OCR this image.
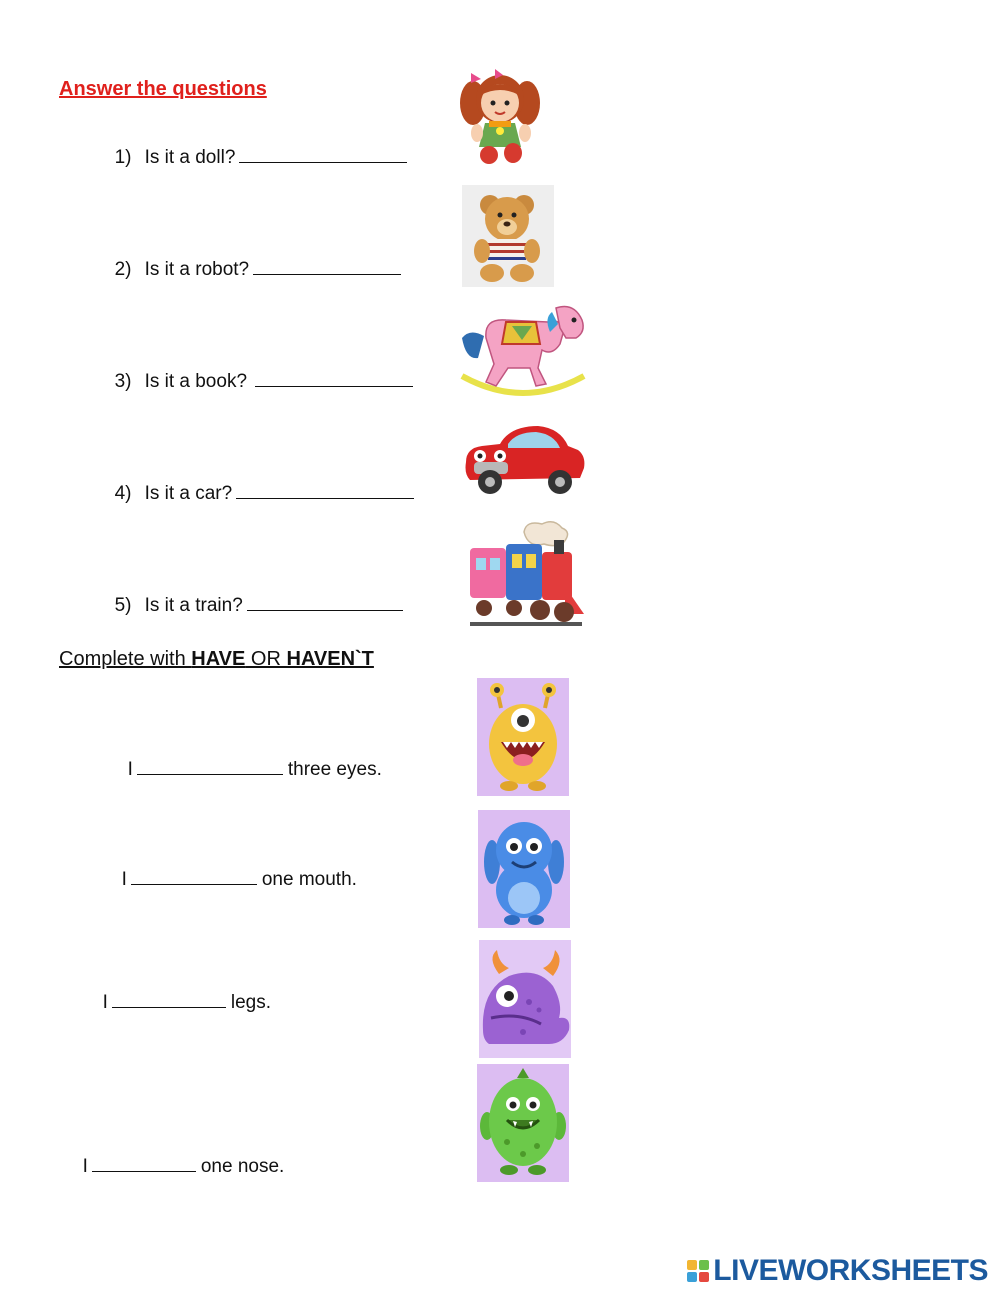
Answer the questions

1) Is it a doll?

2) Is it a robot?

3) Is it a book?

4) Is it a car?

5) Is it a train?

Complete with HAVE OR HAVEN`T

I	three eyes.

I	one mouth.

I	legs.

I	one nose.

LIVEWORKSHEETS
